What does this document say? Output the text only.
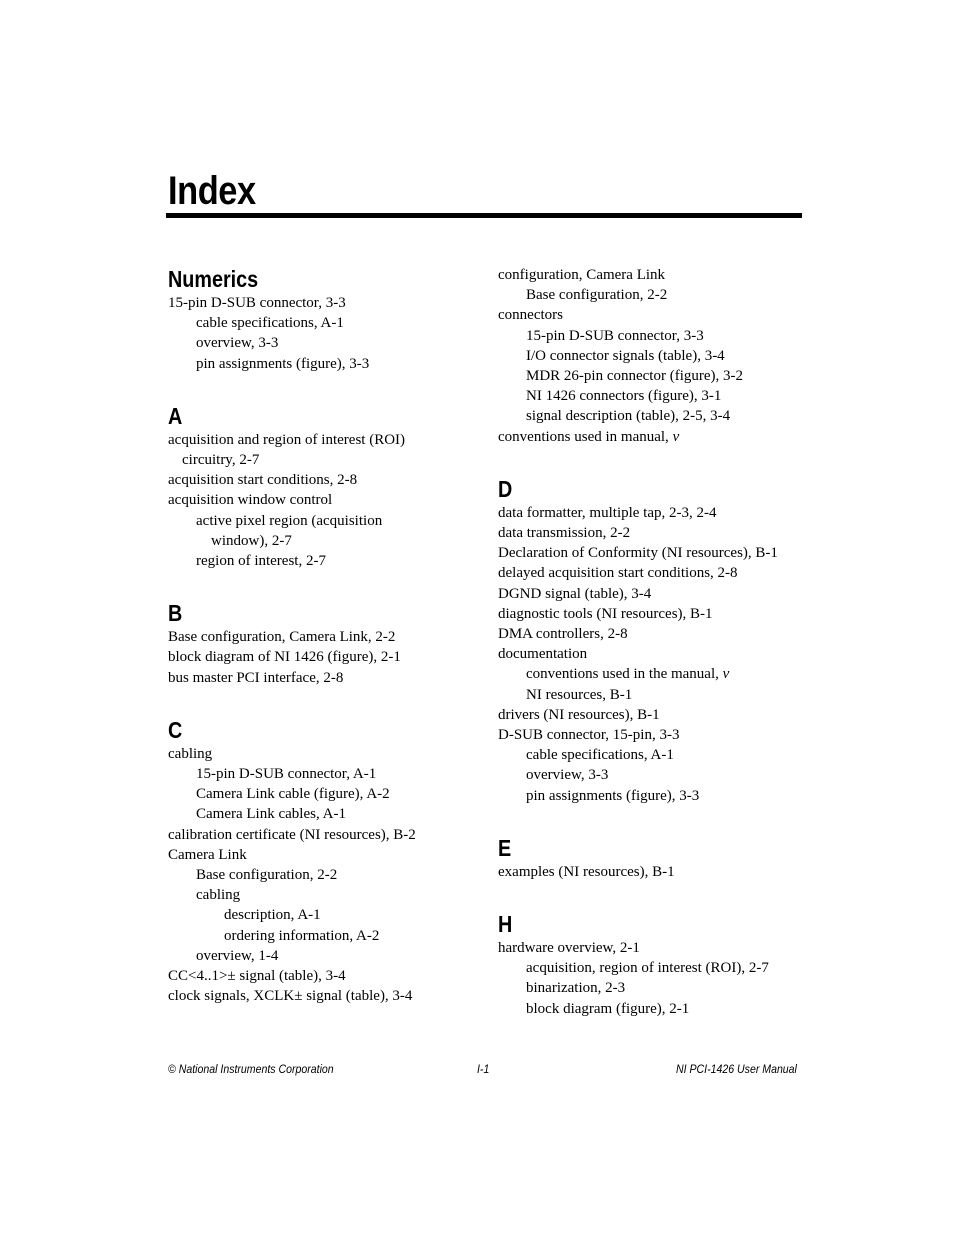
Index
Numerics
15-pin D-SUB connector, 3-3
cable specifications, A-1
overview, 3-3
pin assignments (figure), 3-3
A
acquisition and region of interest (ROI)
circuitry, 2-7
acquisition start conditions, 2-8
acquisition window control
active pixel region (acquisition
window), 2-7
region of interest, 2-7
B
Base configuration, Camera Link, 2-2
block diagram of NI 1426 (figure), 2-1
bus master PCI interface, 2-8
C
cabling
15-pin D-SUB connector, A-1
Camera Link cable (figure), A-2
Camera Link cables, A-1
calibration certificate (NI resources), B-2
Camera Link
Base configuration, 2-2
cabling
description, A-1
ordering information, A-2
overview, 1-4
CC<4..1>± signal (table), 3-4
clock signals, XCLK± signal (table), 3-4
configuration, Camera Link
Base configuration, 2-2
connectors
15-pin D-SUB connector, 3-3
I/O connector signals (table), 3-4
MDR 26-pin connector (figure), 3-2
NI 1426 connectors (figure), 3-1
signal description (table), 2-5, 3-4
conventions used in manual, v
D
data formatter, multiple tap, 2-3, 2-4
data transmission, 2-2
Declaration of Conformity (NI resources), B-1
delayed acquisition start conditions, 2-8
DGND signal (table), 3-4
diagnostic tools (NI resources), B-1
DMA controllers, 2-8
documentation
conventions used in the manual, v
NI resources, B-1
drivers (NI resources), B-1
D-SUB connector, 15-pin, 3-3
cable specifications, A-1
overview, 3-3
pin assignments (figure), 3-3
E
examples (NI resources), B-1
H
hardware overview, 2-1
acquisition, region of interest (ROI), 2-7
binarization, 2-3
block diagram (figure), 2-1
© National Instruments Corporation	I-1	NI PCI-1426 User Manual
